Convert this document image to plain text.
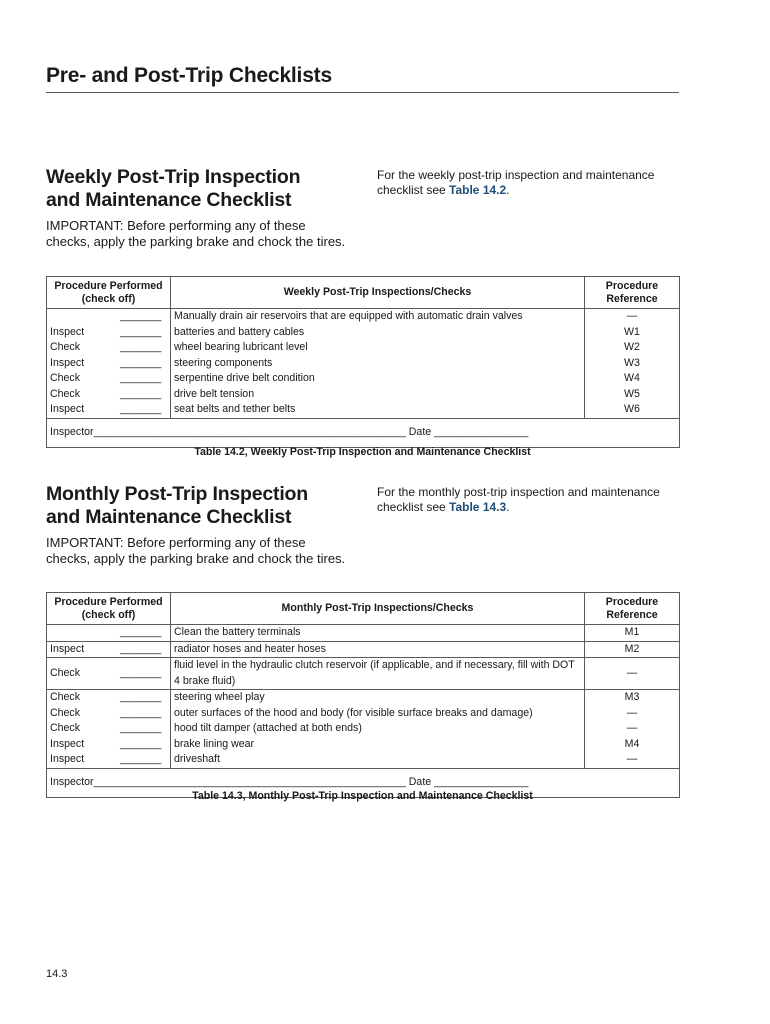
Pre- and Post-Trip Checklists
Weekly Post-Trip Inspection
and Maintenance Checklist
IMPORTANT: Before performing any of these checks, apply the parking brake and chock the tires.
For the weekly post-trip inspection and maintenance checklist see Table 14.2.
Procedure Performed
(check off)	Weekly Post-Trip Inspections/Checks	Procedure
Reference
_______	Manually drain air reservoirs that are equipped with automatic drain valves	—
Inspect _______	batteries and battery cables	W1
Check _______	wheel bearing lubricant level	W2
Inspect _______	steering components	W3
Check _______	serpentine drive belt condition	W4
Check _______	drive belt tension	W5
Inspect _______	seat belts and tether belts	W6
Inspector_____________________________________________________ Date ________________		
Table 14.2, Weekly Post-Trip Inspection and Maintenance Checklist
Monthly Post-Trip Inspection
and Maintenance Checklist
IMPORTANT: Before performing any of these checks, apply the parking brake and chock the tires.
For the monthly post-trip inspection and maintenance checklist see Table 14.3.
Procedure Performed
(check off)	Monthly Post-Trip Inspections/Checks	Procedure
Reference
_______	Clean the battery terminals	M1
Inspect _______	radiator hoses and heater hoses	M2
Check _______	fluid level in the hydraulic clutch reservoir (if applicable, and if necessary, fill with DOT 4 brake fluid)	—
Check _______	steering wheel play	M3
Check _______	outer surfaces of the hood and body (for visible surface breaks and damage)	—
Check _______	hood tilt damper (attached at both ends)	—
Inspect _______	brake lining wear	M4
Inspect _______	driveshaft	—
Inspector_____________________________________________________ Date ________________		
Table 14.3, Monthly Post-Trip Inspection and Maintenance Checklist
14.3
